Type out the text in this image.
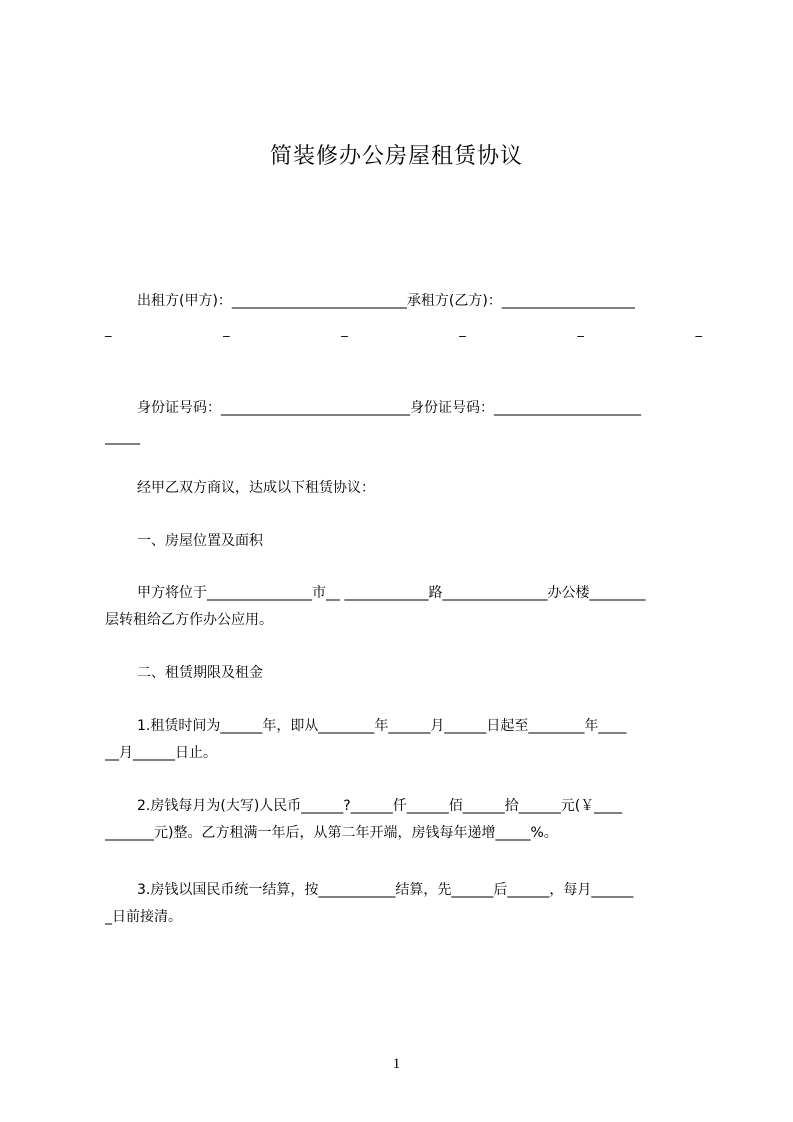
简装修办公房屋租赁协议
出租方(甲方)：_________________________承租方(乙方)：___________________
_	_	_	_	_	_
身份证号码：___________________________身份证号码：_____________________
_____
经甲乙双方商议，达成以下租赁协议：
一、房屋位置及面积
甲方将位于_______________市__ ____________路_______________办公楼________
层转租给乙方作办公应用。
二、租赁期限及租金
1.租赁时间为______年，即从________年______月______日起至________年____
__月______日止。
2.房钱每月为(大写)人民币______?______仟______佰______拾______元(￥____
_______元)整。乙方租满一年后，从第二年开端，房钱每年递增_____%。
3.房钱以国民币统一结算，按___________结算，先______后______，每月______
_日前接清。
1
